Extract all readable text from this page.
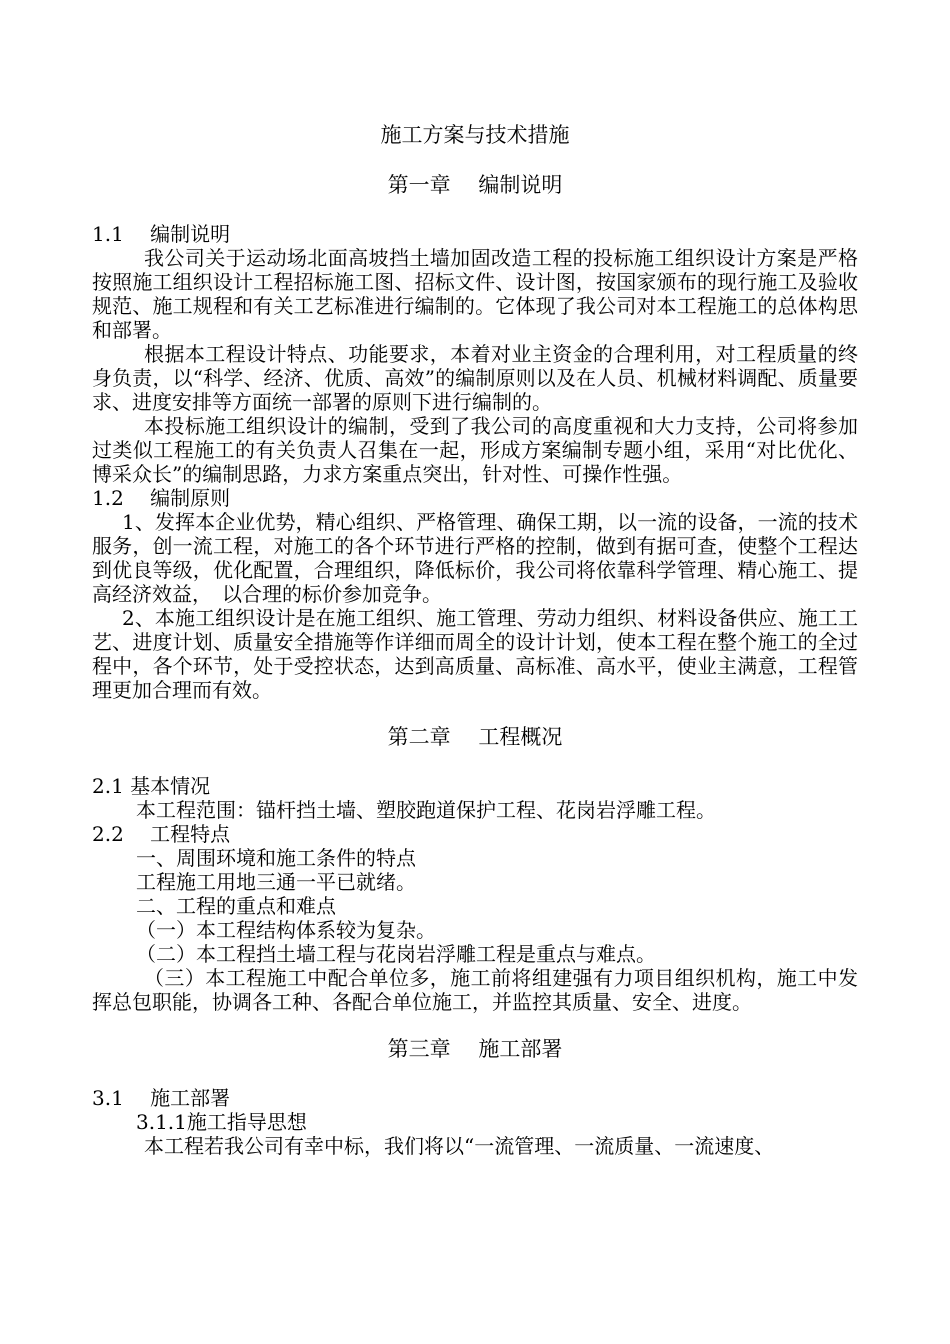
施工方案与技术措施
第一章　 编制说明

1.1　 编制说明

我公司关于运动场北面高坡挡土墙加固改造工程的投标施工组织设计方案是严格按照施工组织设计工程招标施工图、招标文件、设计图，按国家颁布的现行施工及验收规范、施工规程和有关工艺标准进行编制的。它体现了我公司对本工程施工的总体构思和部署。

根据本工程设计特点、功能要求，本着对业主资金的合理利用，对工程质量的终身负责，以“科学、经济、优质、高效”的编制原则以及在人员、机械材料调配、质量要求、进度安排等方面统一部署的原则下进行编制的。

本投标施工组织设计的编制，受到了我公司的高度重视和大力支持，公司将参加过类似工程施工的有关负责人召集在一起，形成方案编制专题小组，采用“对比优化、博采众长”的编制思路，力求方案重点突出，针对性、可操作性强。

1.2　 编制原则

1、发挥本企业优势，精心组织、严格管理、确保工期，以一流的设备，一流的技术服务，创一流工程，对施工的各个环节进行严格的控制，做到有据可查，使整个工程达到优良等级，优化配置，合理组织，降低标价，我公司将依靠科学管理、精心施工、提高经济效益，　以合理的标价参加竞争。

2、本施工组织设计是在施工组织、施工管理、劳动力组织、材料设备供应、施工工艺、进度计划、质量安全措施等作详细而周全的设计计划，使本工程在整个施工的全过程中，各个环节，处于受控状态，达到高质量、高标准、高水平，使业主满意，工程管理更加合理而有效。

第二章　 工程概况

2.1 基本情况

本工程范围：锚杆挡土墙、塑胶跑道保护工程、花岗岩浮雕工程。

2.2　 工程特点

一、周围环境和施工条件的特点

工程施工用地三通一平已就绪。

二、工程的重点和难点

（一）本工程结构体系较为复杂。

（二）本工程挡土墙工程与花岗岩浮雕工程是重点与难点。

（三）本工程施工中配合单位多，施工前将组建强有力项目组织机构，施工中发挥总包职能，协调各工种、各配合单位施工，并监控其质量、安全、进度。

第三章　 施工部署

3.1　 施工部署

3.1.1施工指导思想

本工程若我公司有幸中标，我们将以“一流管理、一流质量、一流速度、
